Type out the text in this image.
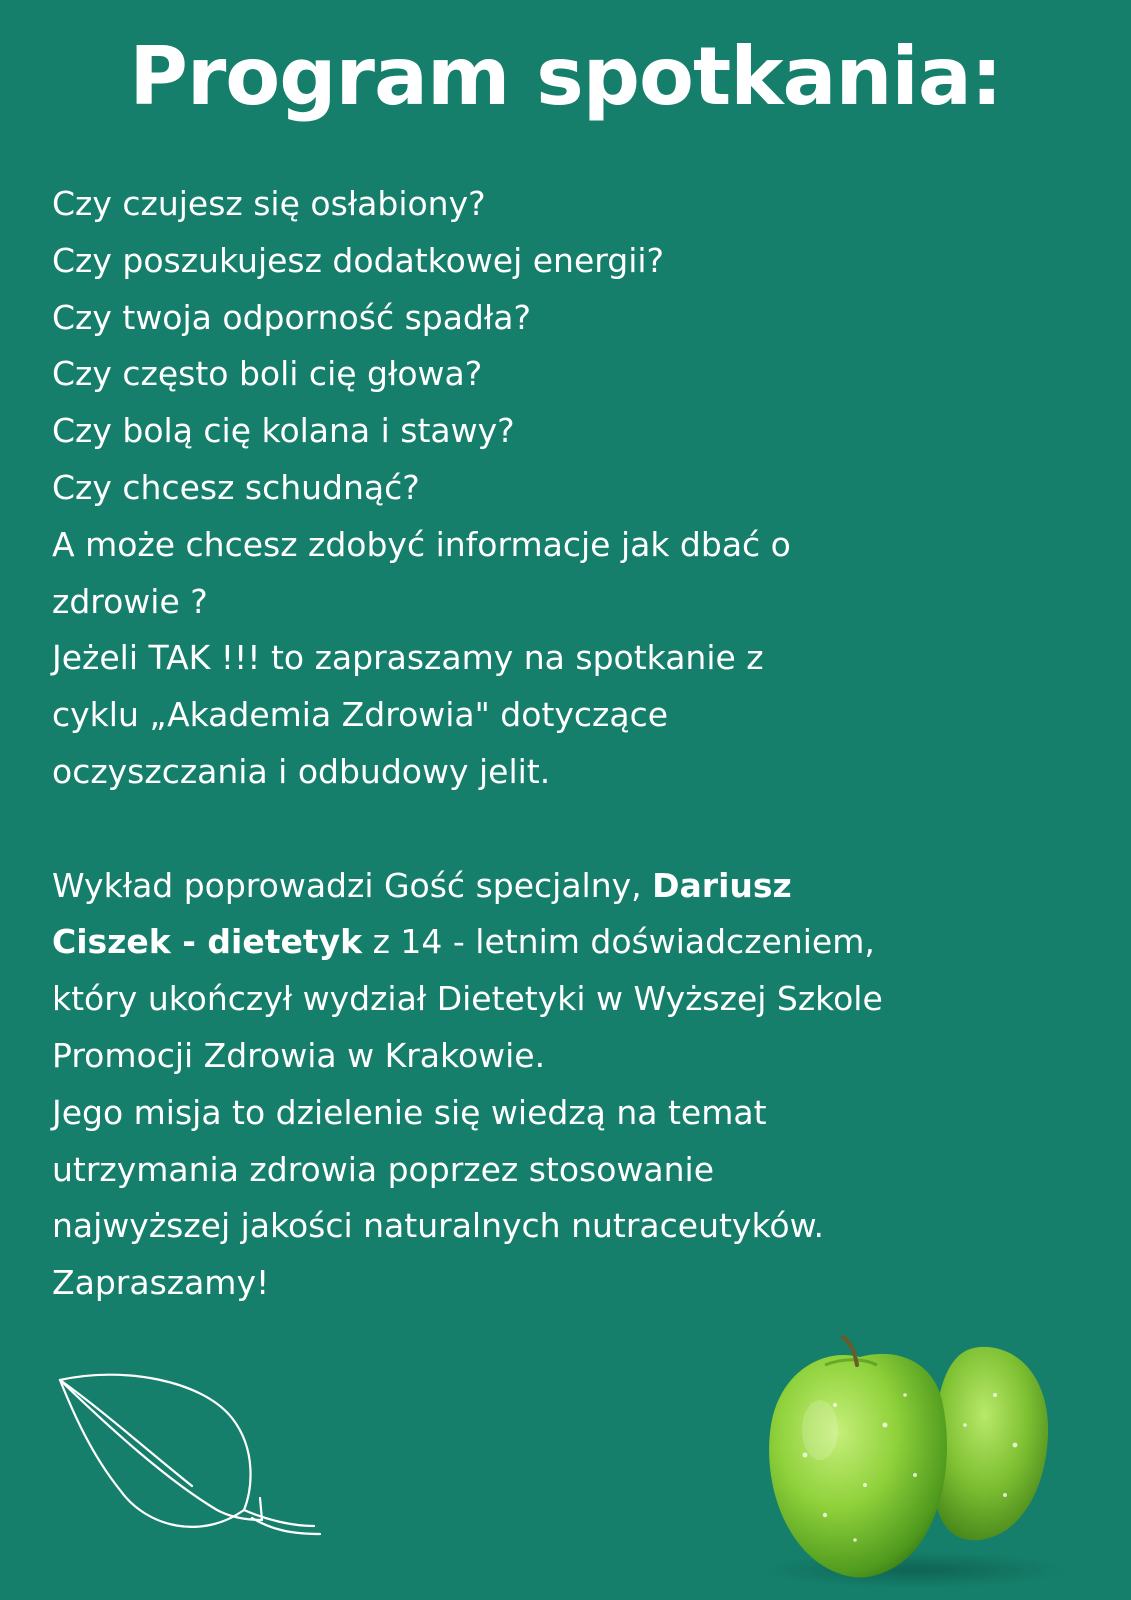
Program spotkania:
Czy czujesz się osłabiony?
Czy poszukujesz dodatkowej energii?
Czy twoja odporność spadła?
Czy często boli cię głowa?
Czy bolą cię kolana i stawy?
Czy chcesz schudnąć?
A może chcesz zdobyć informacje jak dbać o
zdrowie ?
Jeżeli TAK !!! to zapraszamy na spotkanie z
cyklu „Akademia Zdrowia" dotyczące
oczyszczania i odbudowy jelit.
Wykład poprowadzi Gość specjalny, Dariusz
Ciszek - dietetyk z 14 - letnim doświadczeniem,
który ukończył wydział Dietetyki w Wyższej Szkole
Promocji Zdrowia w Krakowie.
Jego misja to dzielenie się wiedzą na temat
utrzymania zdrowia poprzez stosowanie
najwyższej jakości naturalnych nutraceutyków.
Zapraszamy!
